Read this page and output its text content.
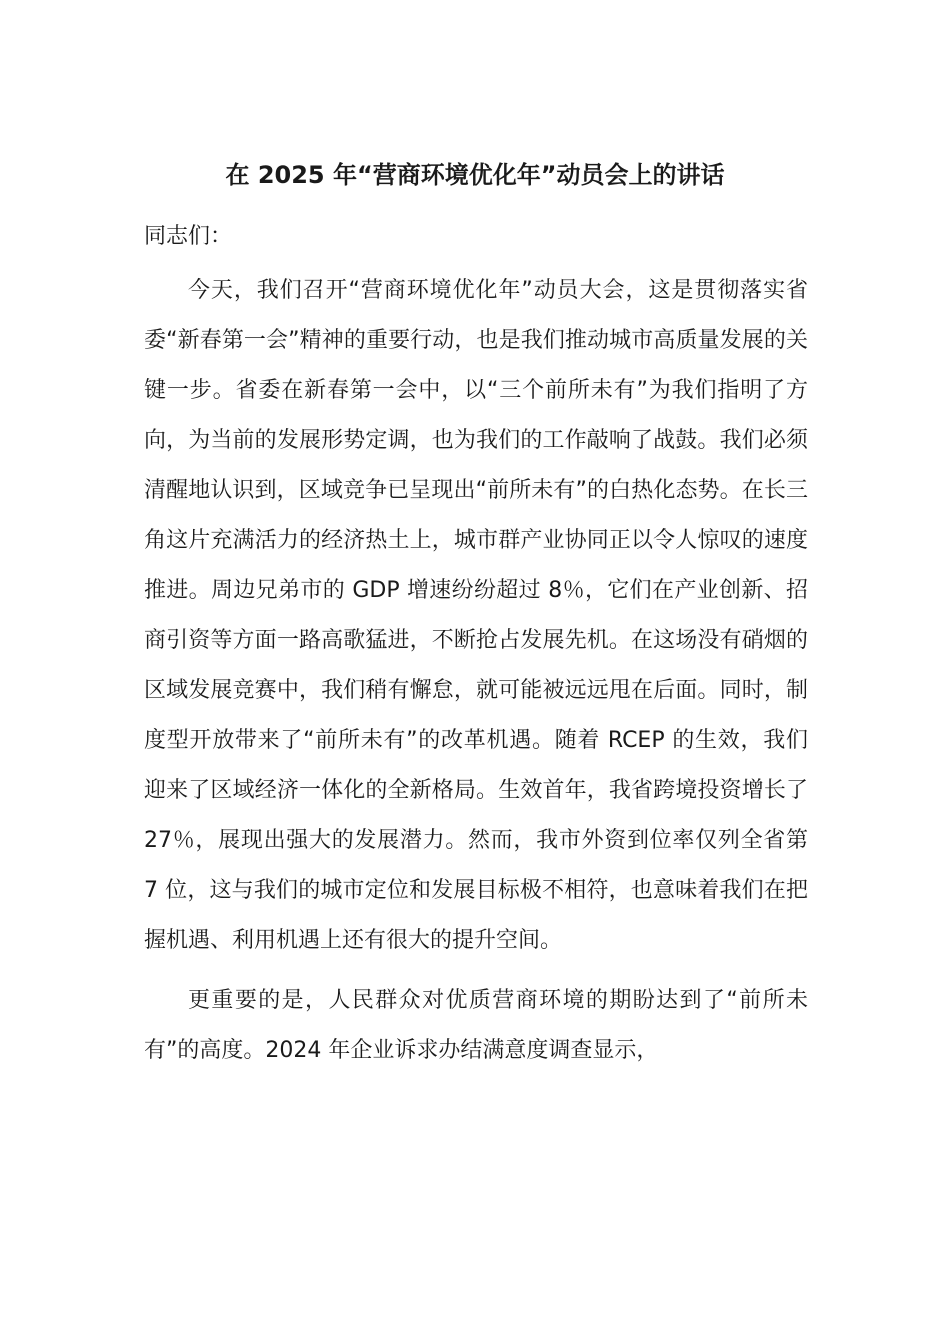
在 2025 年“营商环境优化年”动员会上的讲话

同志们：

今天，我们召开“营商环境优化年”动员大会，这是贯彻落实省委“新春第一会”精神的重要行动，也是我们推动城市高质量发展的关键一步。省委在新春第一会中，以“三个前所未有”为我们指明了方向，为当前的发展形势定调，也为我们的工作敲响了战鼓。我们必须清醒地认识到，区域竞争已呈现出“前所未有”的白热化态势。在长三角这片充满活力的经济热土上，城市群产业协同正以令人惊叹的速度推进。周边兄弟市的 GDP 增速纷纷超过 8％，它们在产业创新、招商引资等方面一路高歌猛进，不断抢占发展先机。在这场没有硝烟的区域发展竞赛中，我们稍有懈怠，就可能被远远甩在后面。同时，制度型开放带来了“前所未有”的改革机遇。随着 RCEP 的生效，我们迎来了区域经济一体化的全新格局。生效首年，我省跨境投资增长了 27％，展现出强大的发展潜力。然而，我市外资到位率仅列全省第 7 位，这与我们的城市定位和发展目标极不相符，也意味着我们在把握机遇、利用机遇上还有很大的提升空间。

更重要的是，人民群众对优质营商环境的期盼达到了“前所未有”的高度。2024 年企业诉求办结满意度调查显示，
